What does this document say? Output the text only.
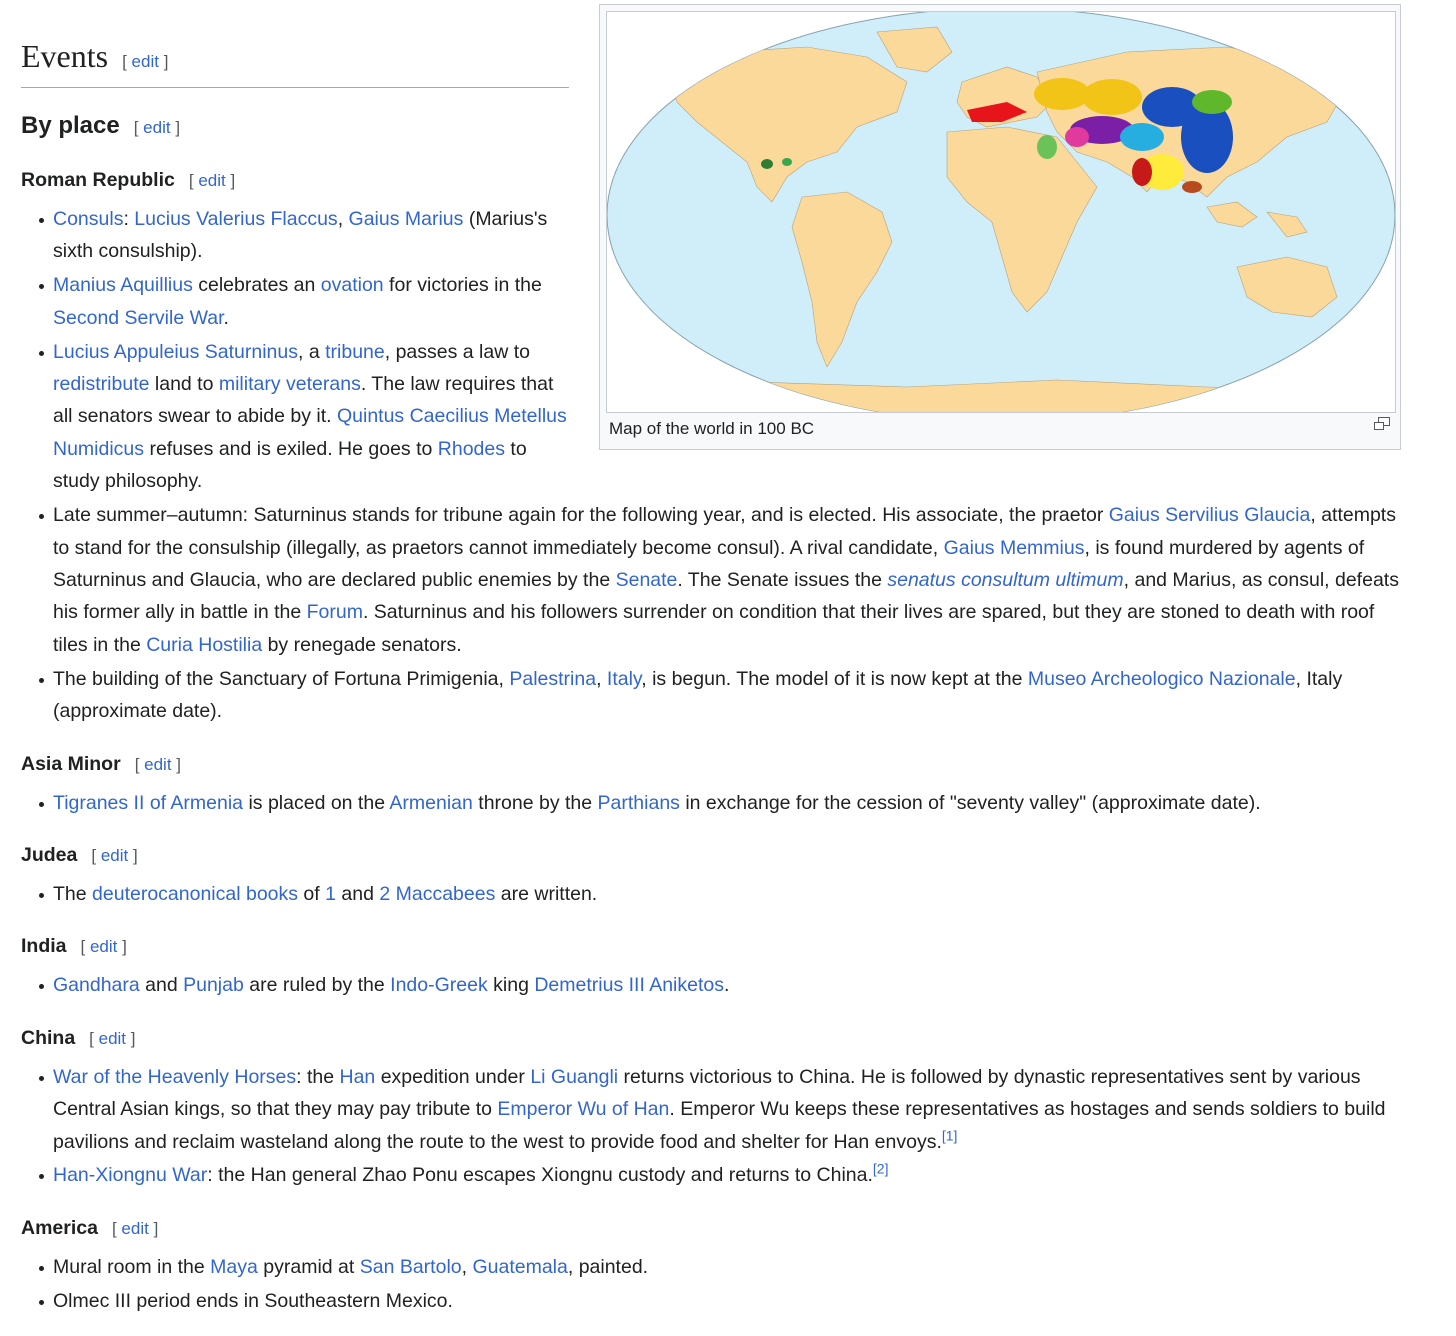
Map of the world in 100 BC
Events [ edit ]
By place [ edit ]
Roman Republic [ edit ]
Consuls: Lucius Valerius Flaccus, Gaius Marius (Marius's sixth consulship).
Manius Aquillius celebrates an ovation for victories in the Second Servile War.
Lucius Appuleius Saturninus, a tribune, passes a law to redistribute land to military veterans. The law requires that all senators swear to abide by it. Quintus Caecilius Metellus Numidicus refuses and is exiled. He goes to Rhodes to study philosophy.
Late summer–autumn: Saturninus stands for tribune again for the following year, and is elected. His associate, the praetor Gaius Servilius Glaucia, attempts to stand for the consulship (illegally, as praetors cannot immediately become consul). A rival candidate, Gaius Memmius, is found murdered by agents of Saturninus and Glaucia, who are declared public enemies by the Senate. The Senate issues the senatus consultum ultimum, and Marius, as consul, defeats his former ally in battle in the Forum. Saturninus and his followers surrender on condition that their lives are spared, but they are stoned to death with roof tiles in the Curia Hostilia by renegade senators.
The building of the Sanctuary of Fortuna Primigenia, Palestrina, Italy, is begun. The model of it is now kept at the Museo Archeologico Nazionale, Italy (approximate date).
Asia Minor [ edit ]
Tigranes II of Armenia is placed on the Armenian throne by the Parthians in exchange for the cession of "seventy valley" (approximate date).
Judea [ edit ]
The deuterocanonical books of 1 and 2 Maccabees are written.
India [ edit ]
Gandhara and Punjab are ruled by the Indo-Greek king Demetrius III Aniketos.
China [ edit ]
War of the Heavenly Horses: the Han expedition under Li Guangli returns victorious to China. He is followed by dynastic representatives sent by various Central Asian kings, so that they may pay tribute to Emperor Wu of Han. Emperor Wu keeps these representatives as hostages and sends soldiers to build pavilions and reclaim wasteland along the route to the west to provide food and shelter for Han envoys.[1]
Han-Xiongnu War: the Han general Zhao Ponu escapes Xiongnu custody and returns to China.[2]
America [ edit ]
Mural room in the Maya pyramid at San Bartolo, Guatemala, painted.
Olmec III period ends in Southeastern Mexico.
